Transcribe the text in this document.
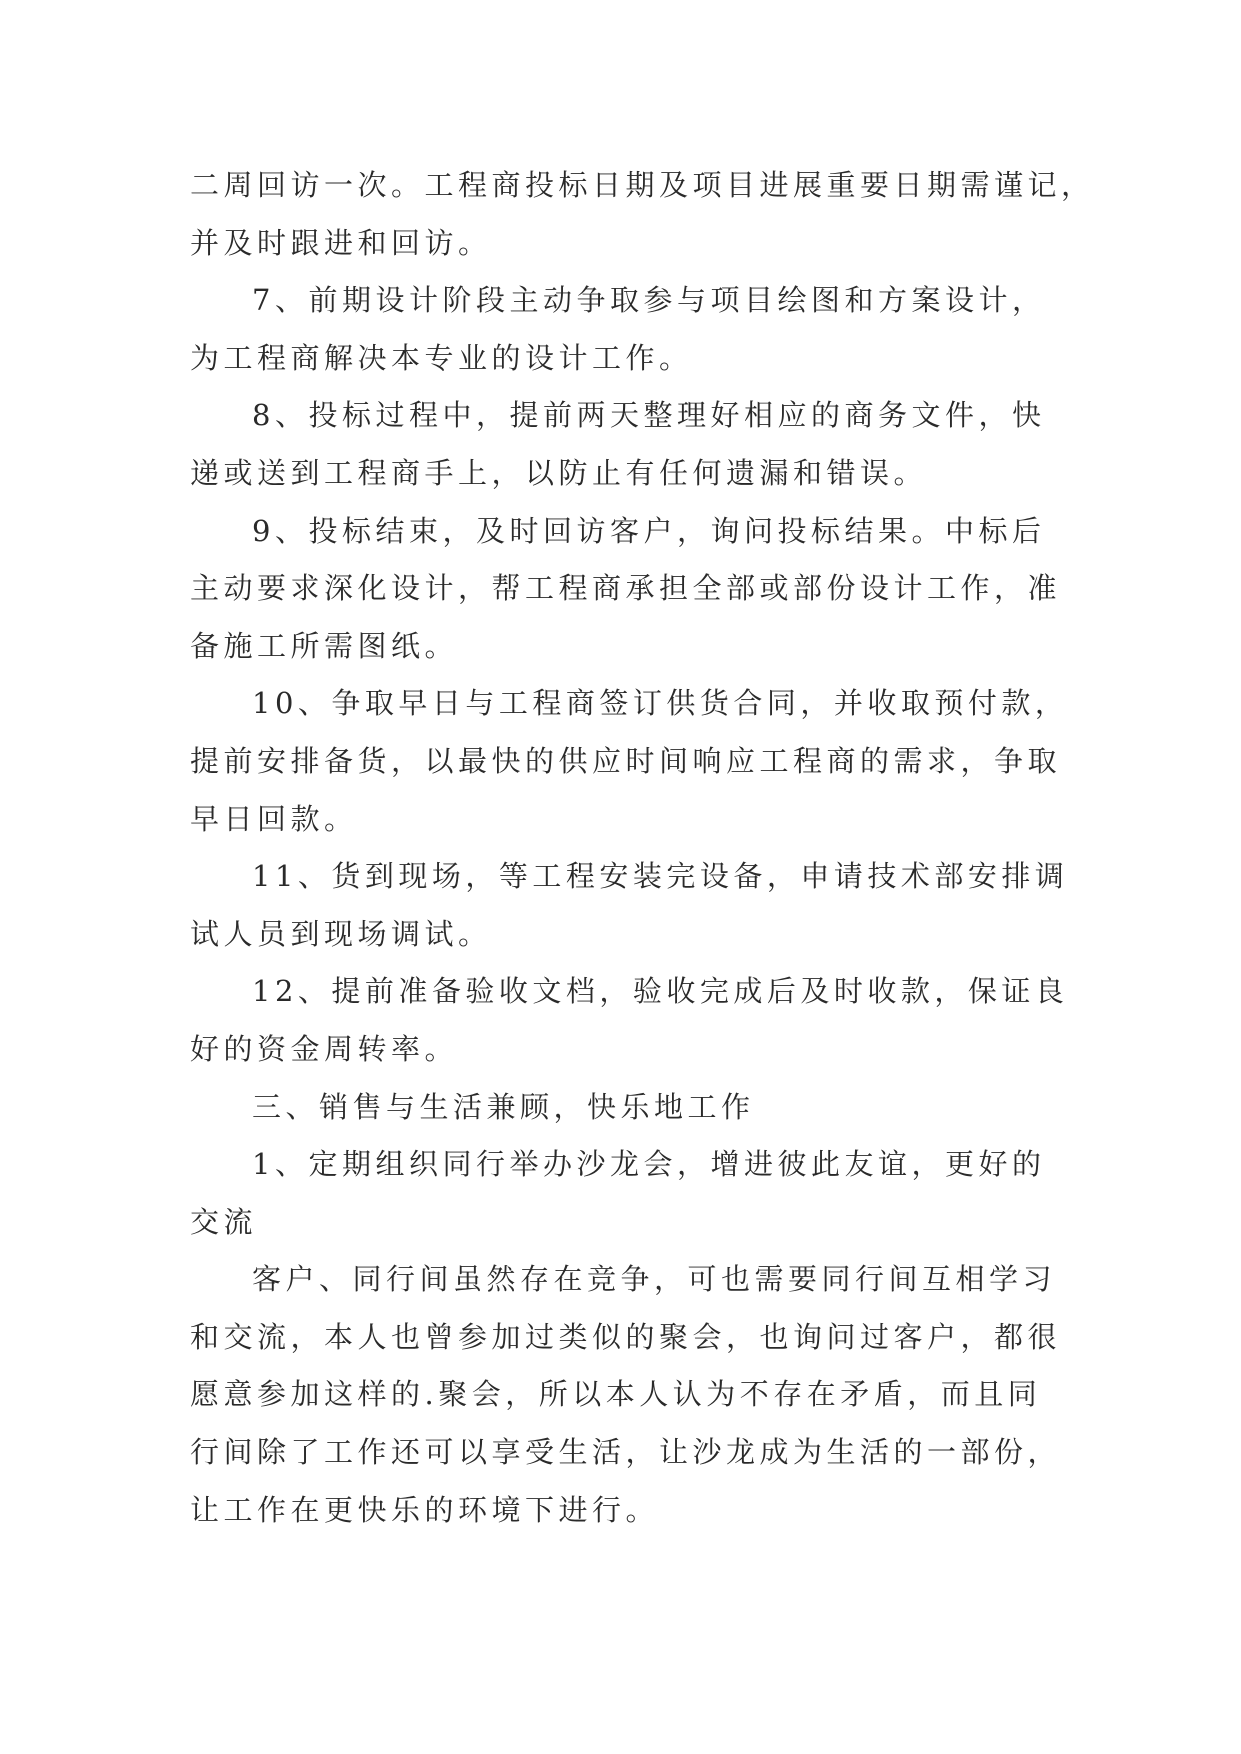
二周回访一次。工程商投标日期及项目进展重要日期需谨记，
并及时跟进和回访。

7、前期设计阶段主动争取参与项目绘图和方案设计，
为工程商解决本专业的设计工作。

8、投标过程中，提前两天整理好相应的商务文件，快
递或送到工程商手上，以防止有任何遗漏和错误。

9、投标结束，及时回访客户，询问投标结果。中标后
主动要求深化设计，帮工程商承担全部或部份设计工作，准
备施工所需图纸。

10、争取早日与工程商签订供货合同，并收取预付款，
提前安排备货，以最快的供应时间响应工程商的需求，争取
早日回款。

11、货到现场，等工程安装完设备，申请技术部安排调
试人员到现场调试。

12、提前准备验收文档，验收完成后及时收款，保证良
好的资金周转率。

三、销售与生活兼顾，快乐地工作

1、定期组织同行举办沙龙会，增进彼此友谊，更好的
交流

客户、同行间虽然存在竞争，可也需要同行间互相学习
和交流，本人也曾参加过类似的聚会，也询问过客户，都很
愿意参加这样的.聚会，所以本人认为不存在矛盾，而且同
行间除了工作还可以享受生活，让沙龙成为生活的一部份，
让工作在更快乐的环境下进行。
